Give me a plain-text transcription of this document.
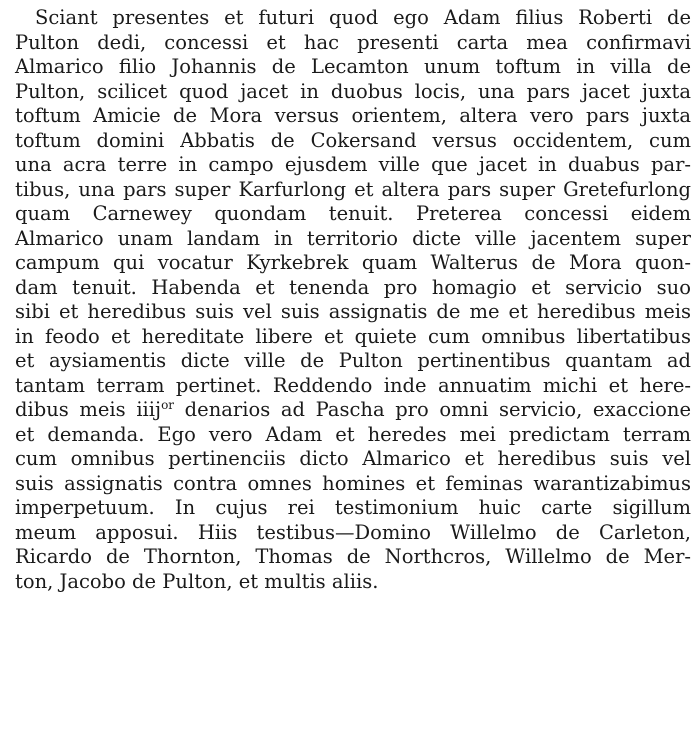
Sciant presentes et futuri quod ego Adam filius Roberti de
Pulton dedi, concessi et hac presenti carta mea confirmavi
Almarico filio Johannis de Lecamton unum toftum in villa de
Pulton, scilicet quod jacet in duobus locis, una pars jacet juxta
toftum Amicie de Mora versus orientem, altera vero pars juxta
toftum domini Abbatis de Cokersand versus occidentem, cum
una acra terre in campo ejusdem ville que jacet in duabus par-
tibus, una pars super Karfurlong et altera pars super Gretefurlong
quam Carnewey quondam tenuit. Preterea concessi eidem
Almarico unam landam in territorio dicte ville jacentem super
campum qui vocatur Kyrkebrek quam Walterus de Mora quon-
dam tenuit. Habenda et tenenda pro homagio et servicio suo
sibi et heredibus suis vel suis assignatis de me et heredibus meis
in feodo et hereditate libere et quiete cum omnibus libertatibus
et aysiamentis dicte ville de Pulton pertinentibus quantam ad
tantam terram pertinet. Reddendo inde annuatim michi et here-
dibus meis iiij$^{or}$ denarios ad Pascha pro omni servicio, exaccione
et demanda. Ego vero Adam et heredes mei predictam terram
cum omnibus pertinenciis dicto Almarico et heredibus suis vel
suis assignatis contra omnes homines et feminas warantizabimus
imperpetuum. In cujus rei testimonium huic carte sigillum
meum apposui. Hiis testibus—Domino Willelmo de Carleton,
Ricardo de Thornton, Thomas de Northcros, Willelmo de Mer-
ton, Jacobo de Pulton, et multis aliis.
